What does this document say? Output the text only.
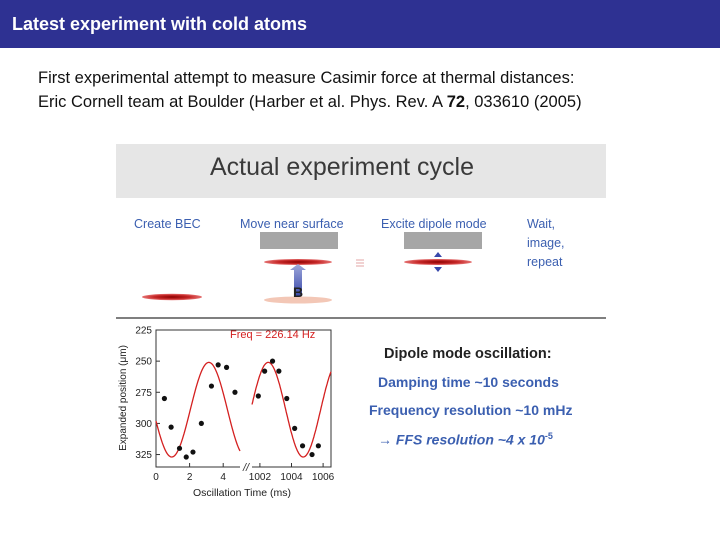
Latest experiment with cold atoms
First experimental attempt to measure Casimir force at thermal distances:
Eric Cornell team at Boulder (Harber et al. Phys. Rev. A 72, 033610 (2005)
Actual experiment cycle
Create BEC	Move near surface	Excite dipole mode	Wait, image, repeat
B
Expanded position (μm)
//
225
250
275
300
325
0	2	4 1002 1004 1006
Freq = 226.14 Hz
Oscillation Time (ms)
Dipole mode oscillation:
Damping time ~10 seconds
Frequency resolution ~10 mHz
→ FFS resolution ~4 x $10^{-5}$
